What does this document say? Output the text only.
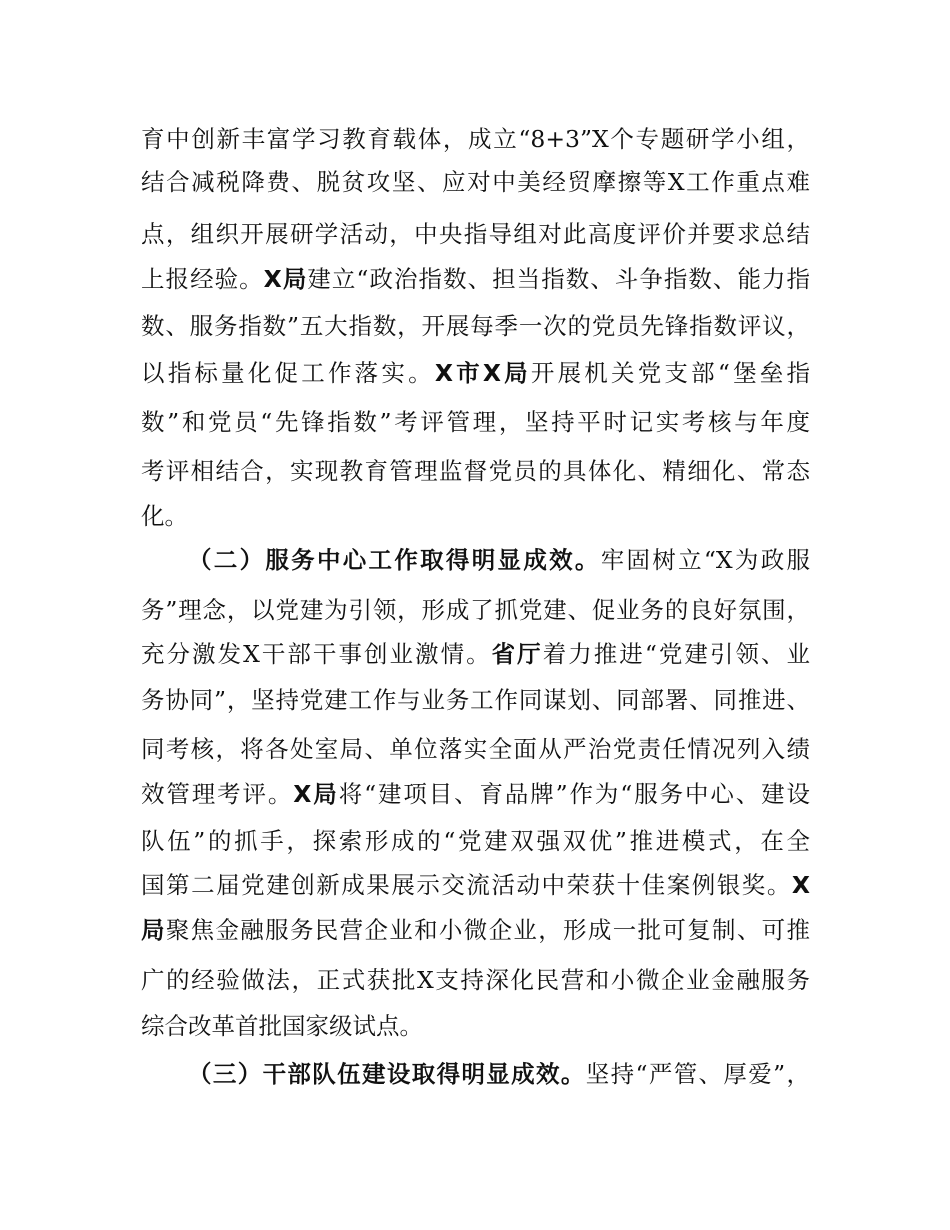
育中创新丰富学习教育载体，成立“8+3”X个专题研学小组，
结合减税降费、脱贫攻坚、应对中美经贸摩擦等X工作重点难
点，组织开展研学活动，中央指导组对此高度评价并要求总结
上报经验。X局建立“政治指数、担当指数、斗争指数、能力指
数、服务指数”五大指数，开展每季一次的党员先锋指数评议，
以指标量化促工作落实。X市X局开展机关党支部“堡垒指
数”和党员“先锋指数”考评管理，坚持平时记实考核与年度
考评相结合，实现教育管理监督党员的具体化、精细化、常态
化。
（二）服务中心工作取得明显成效。牢固树立“X为政服
务”理念，以党建为引领，形成了抓党建、促业务的良好氛围，
充分激发X干部干事创业激情。省厅着力推进“党建引领、业
务协同”，坚持党建工作与业务工作同谋划、同部署、同推进、
同考核，将各处室局、单位落实全面从严治党责任情况列入绩
效管理考评。X局将“建项目、育品牌”作为“服务中心、建设
队伍”的抓手，探索形成的“党建双强双优”推进模式，在全
国第二届党建创新成果展示交流活动中荣获十佳案例银奖。X
局聚焦金融服务民营企业和小微企业，形成一批可复制、可推
广的经验做法，正式获批X支持深化民营和小微企业金融服务
综合改革首批国家级试点。
（三）干部队伍建设取得明显成效。坚持“严管、厚爱”，
